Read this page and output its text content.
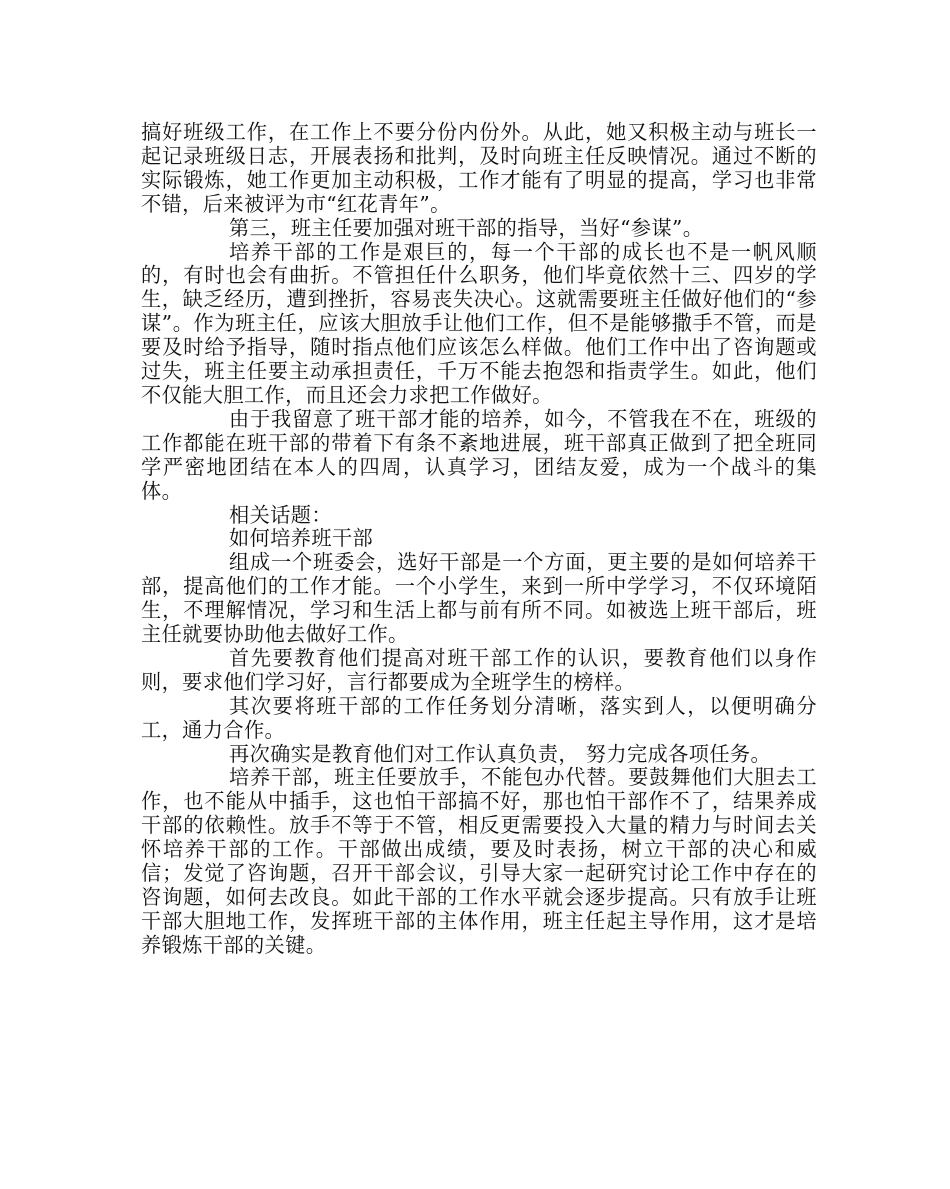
搞好班级工作，在工作上不要分份内份外。从此，她又积极主动与班长一起记录班级日志，开展表扬和批判，及时向班主任反映情况。通过不断的实际锻炼，她工作更加主动积极，工作才能有了明显的提高，学习也非常不错，后来被评为市“红花青年”。

第三，班主任要加强对班干部的指导，当好“参谋”。

培养干部的工作是艰巨的，每一个干部的成长也不是一帆风顺的，有时也会有曲折。不管担任什么职务，他们毕竟依然十三、四岁的学生，缺乏经历，遭到挫折，容易丧失决心。这就需要班主任做好他们的“参谋”。作为班主任，应该大胆放手让他们工作，但不是能够撒手不管，而是要及时给予指导，随时指点他们应该怎么样做。他们工作中出了咨询题或过失，班主任要主动承担责任，千万不能去抱怨和指责学生。如此，他们不仅能大胆工作，而且还会力求把工作做好。

由于我留意了班干部才能的培养，如今，不管我在不在，班级的工作都能在班干部的带着下有条不紊地进展，班干部真正做到了把全班同学严密地团结在本人的四周，认真学习，团结友爱，成为一个战斗的集体。

相关话题：

如何培养班干部

组成一个班委会，选好干部是一个方面，更主要的是如何培养干部，提高他们的工作才能。一个小学生，来到一所中学学习，不仅环境陌生，不理解情况，学习和生活上都与前有所不同。如被选上班干部后，班主任就要协助他去做好工作。

首先要教育他们提高对班干部工作的认识，要教育他们以身作则，要求他们学习好，言行都要成为全班学生的榜样。

其次要将班干部的工作任务划分清晰，落实到人，以便明确分工，通力合作。

再次确实是教育他们对工作认真负责， 努力完成各项任务。

培养干部，班主任要放手，不能包办代替。要鼓舞他们大胆去工作，也不能从中插手，这也怕干部搞不好，那也怕干部作不了，结果养成干部的依赖性。放手不等于不管，相反更需要投入大量的精力与时间去关怀培养干部的工作。干部做出成绩，要及时表扬，树立干部的决心和威信；发觉了咨询题，召开干部会议，引导大家一起研究讨论工作中存在的咨询题，如何去改良。如此干部的工作水平就会逐步提高。只有放手让班干部大胆地工作，发挥班干部的主体作用，班主任起主导作用，这才是培养锻炼干部的关键。
